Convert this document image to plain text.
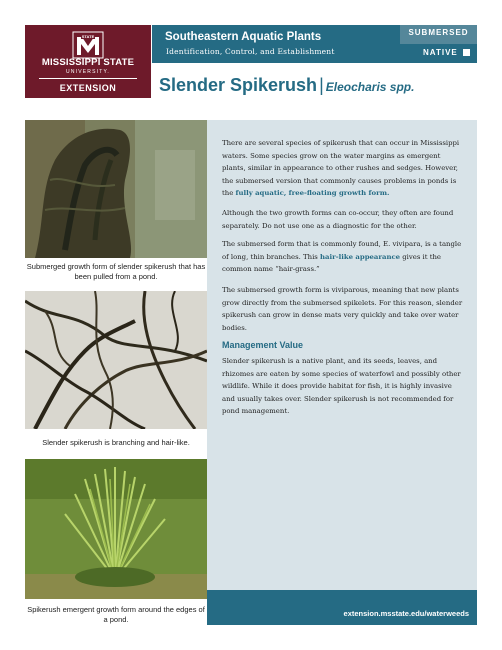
STATE
MISSISSIPPI STATE
UNIVERSITY.
EXTENSION
Southeastern Aquatic Plants
Identification, Control, and Establishment
SUBMERSED
NATIVE
Slender Spikerush | Eleocharis spp.
Submerged growth form of slender spikerush that has been pulled from a pond.
Slender spikerush is branching and hair-like.
Spikerush emergent growth form around the edges of a pond.

There are several species of spikerush that can occur in Mississippi waters. Some species grow on the water margins as emergent plants, similar in appearance to other rushes and sedges. However, the submersed version that commonly causes problems in ponds is the fully aquatic, free-floating growth form.

Although the two growth forms can co-occur, they often are found separately. Do not use one as a diagnostic for the other.

The submersed form that is commonly found, E. vivipara, is a tangle of long, thin branches. This hair-like appearance gives it the common name “hair-grass.”

The submersed growth form is viviparous, meaning that new plants grow directly from the submersed spikelets. For this reason, slender spikerush can grow in dense mats very quickly and take over water bodies.

Management Value

Slender spikerush is a native plant, and its seeds, leaves, and rhizomes are eaten by some species of waterfowl and possibly other wildlife. While it does provide habitat for fish, it is highly invasive and usually takes over. Slender spikerush is not recommended for pond management.

extension.msstate.edu/waterweeds
